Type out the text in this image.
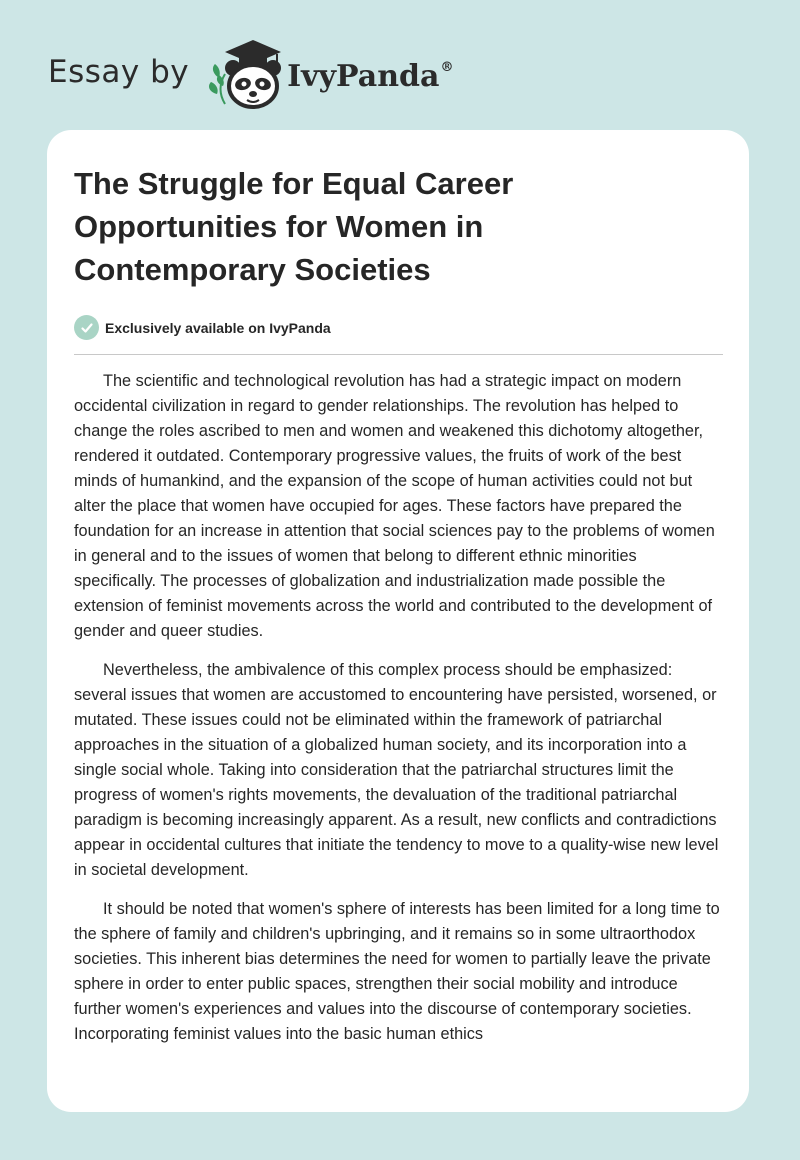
Essay by	IvyPanda®
The Struggle for Equal Career Opportunities for Women in Contemporary Societies
Exclusively available on IvyPanda

The scientific and technological revolution has had a strategic impact on modern occidental civilization in regard to gender relationships. The revolution has helped to change the roles ascribed to men and women and weakened this dichotomy altogether, rendered it outdated. Contemporary progressive values, the fruits of work of the best minds of humankind, and the expansion of the scope of human activities could not but alter the place that women have occupied for ages. These factors have prepared the foundation for an increase in attention that social sciences pay to the problems of women in general and to the issues of women that belong to different ethnic minorities specifically. The processes of globalization and industrialization made possible the extension of feminist movements across the world and contributed to the development of gender and queer studies.

Nevertheless, the ambivalence of this complex process should be emphasized: several issues that women are accustomed to encountering have persisted, worsened, or mutated. These issues could not be eliminated within the framework of patriarchal approaches in the situation of a globalized human society, and its incorporation into a single social whole. Taking into consideration that the patriarchal structures limit the progress of women's rights movements, the devaluation of the traditional patriarchal paradigm is becoming increasingly apparent. As a result, new conflicts and contradictions appear in occidental cultures that initiate the tendency to move to a quality-wise new level in societal development.

It should be noted that women's sphere of interests has been limited for a long time to the sphere of family and children's upbringing, and it remains so in some ultraorthodox societies. This inherent bias determines the need for women to partially leave the private sphere in order to enter public spaces, strengthen their social mobility and introduce further women's experiences and values into the discourse of contemporary societies. Incorporating feminist values into the basic human ethics
